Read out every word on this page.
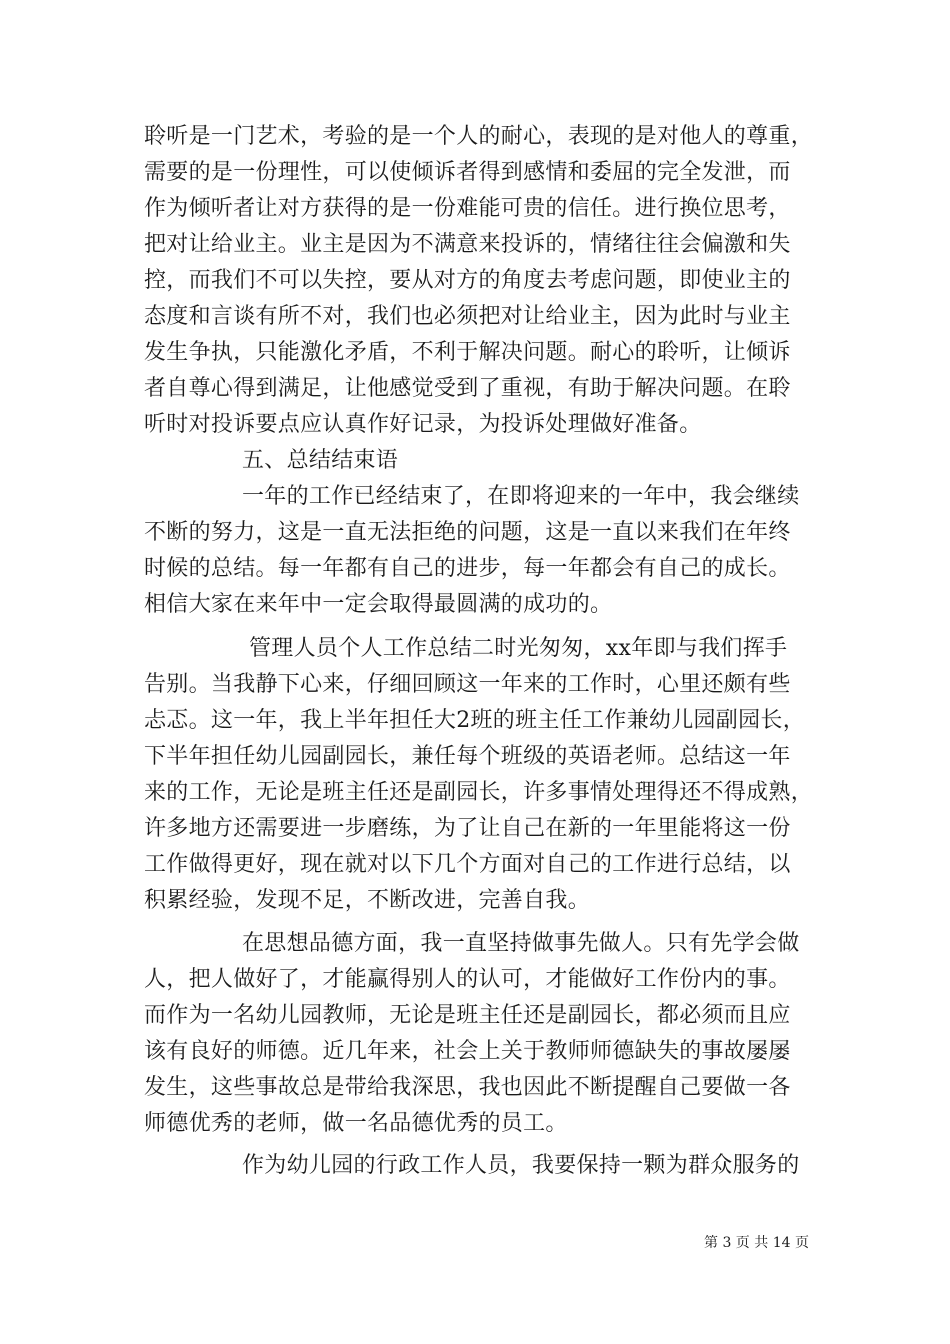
聆听是一门艺术，考验的是一个人的耐心，表现的是对他人的尊重，
需要的是一份理性，可以使倾诉者得到感情和委屈的完全发泄，而
作为倾听者让对方获得的是一份难能可贵的信任。进行换位思考，
把对让给业主。业主是因为不满意来投诉的，情绪往往会偏激和失
控，而我们不可以失控，要从对方的角度去考虑问题，即使业主的
态度和言谈有所不对，我们也必须把对让给业主，因为此时与业主
发生争执，只能激化矛盾，不利于解决问题。耐心的聆听，让倾诉
者自尊心得到满足，让他感觉受到了重视，有助于解决问题。在聆
听时对投诉要点应认真作好记录，为投诉处理做好准备。
五、总结结束语
一年的工作已经结束了，在即将迎来的一年中，我会继续
不断的努力，这是一直无法拒绝的问题，这是一直以来我们在年终
时候的总结。每一年都有自己的进步，每一年都会有自己的成长。
相信大家在来年中一定会取得最圆满的成功的。
管理人员个人工作总结二时光匆匆，xx年即与我们挥手
告别。当我静下心来，仔细回顾这一年来的工作时，心里还颇有些
忐忑。这一年，我上半年担任大2班的班主任工作兼幼儿园副园长，
下半年担任幼儿园副园长，兼任每个班级的英语老师。总结这一年
来的工作，无论是班主任还是副园长，许多事情处理得还不得成熟，
许多地方还需要进一步磨练，为了让自己在新的一年里能将这一份
工作做得更好，现在就对以下几个方面对自己的工作进行总结，以
积累经验，发现不足，不断改进，完善自我。
在思想品德方面，我一直坚持做事先做人。只有先学会做
人，把人做好了，才能赢得别人的认可，才能做好工作份内的事。
而作为一名幼儿园教师，无论是班主任还是副园长，都必须而且应
该有良好的师德。近几年来，社会上关于教师师德缺失的事故屡屡
发生，这些事故总是带给我深思，我也因此不断提醒自己要做一各
师德优秀的老师，做一名品德优秀的员工。
作为幼儿园的行政工作人员，我要保持一颗为群众服务的
第 3 页 共 14 页
